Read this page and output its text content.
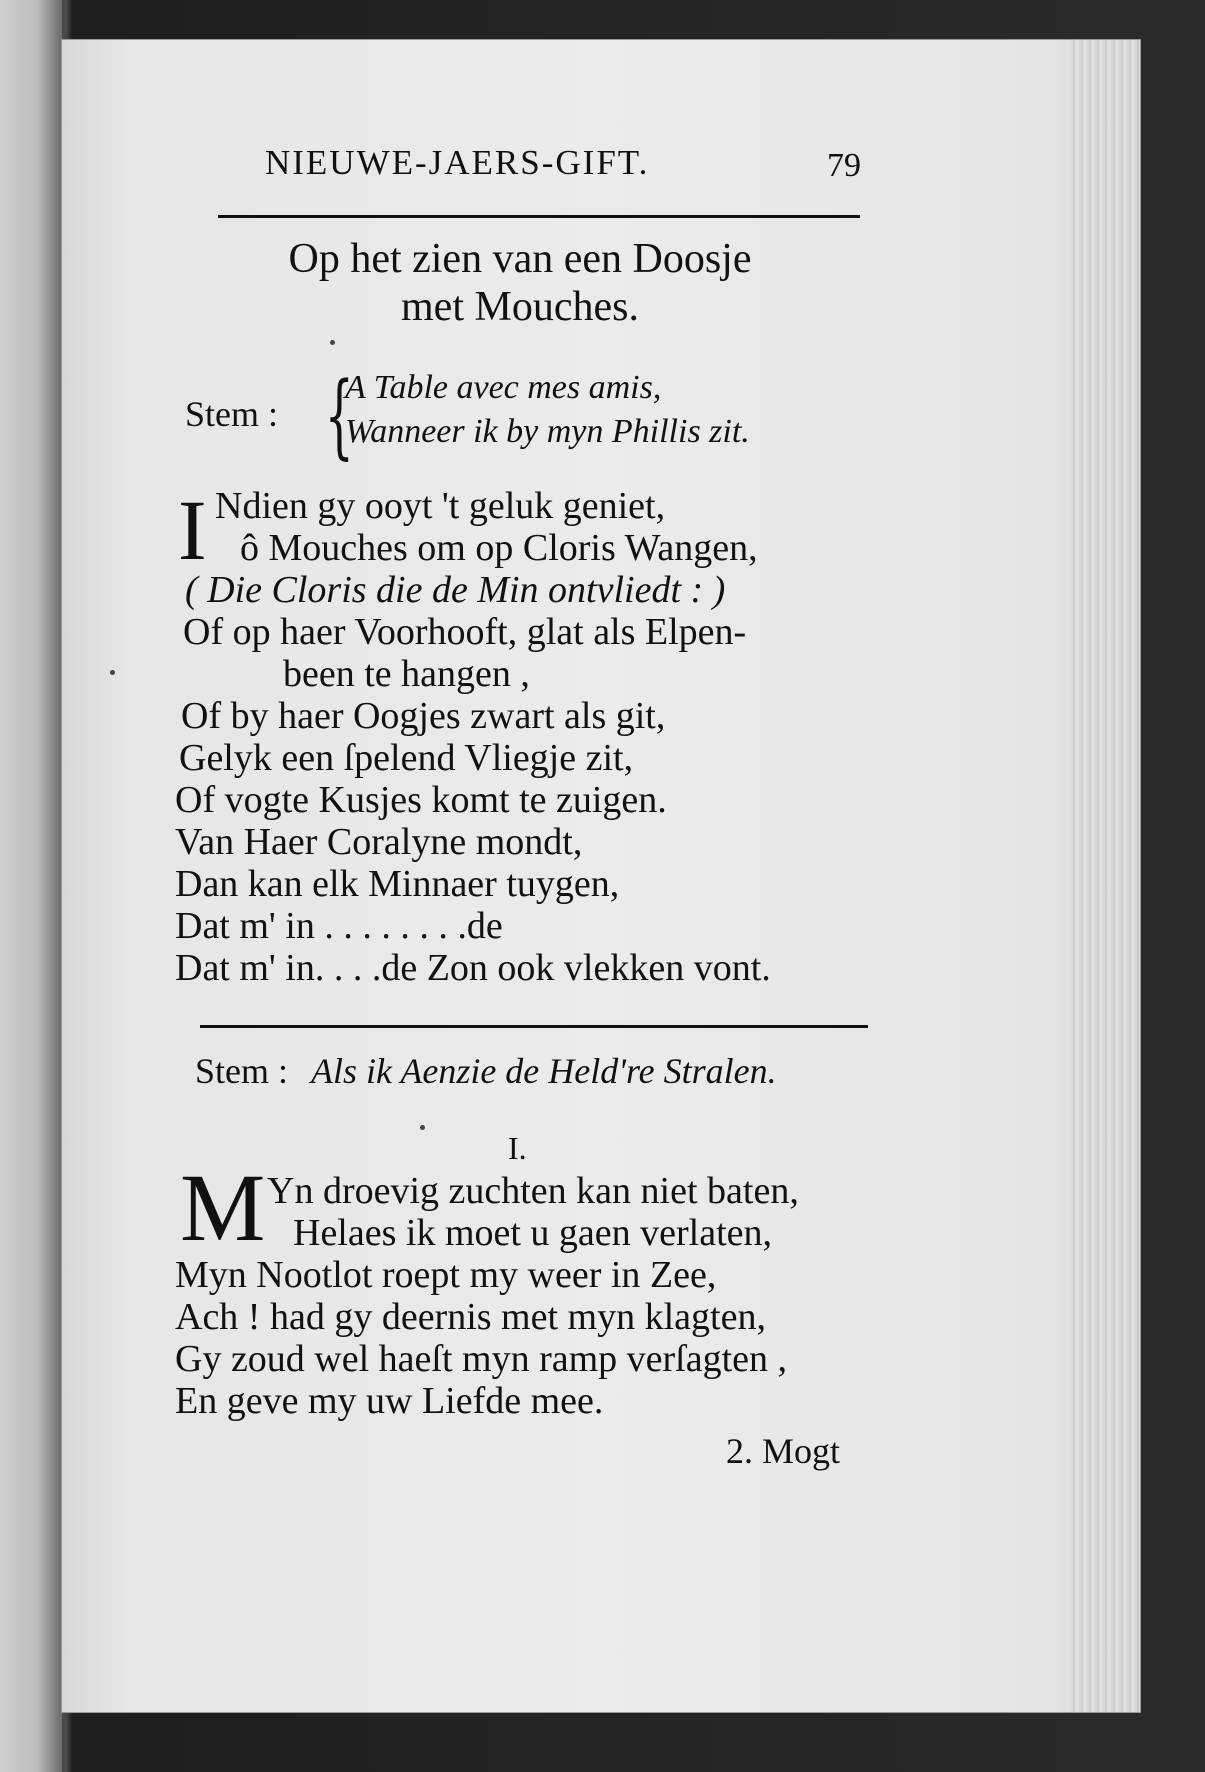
NIEUWE-JAERS-GIFT.	79
Op het zien van een Doosje
met Mouches.
Stem : {
A Table avec mes amis,
Wanneer ik by myn Phillis zit.
I Ndien gy ooyt 't geluk geniet,
ô Mouches om op Cloris Wangen,
( Die Cloris die de Min ontvliedt : )
Of op haer Voorhooft, glat als Elpen-
been te hangen ,
Of by haer Oogjes zwart als git,
Gelyk een ſpelend Vliegje zit,
Of vogte Kusjes komt te zuigen.
Van Haer Coralyne mondt,
Dan kan elk Minnaer tuygen,
Dat m' in . . . . . . . .de
Dat m' in. . . .de Zon ook vlekken vont.
Stem : Als ik Aenzie de Held're Stralen.
I.
M Yn droevig zuchten kan niet baten,
Helaes ik moet u gaen verlaten,
Myn Nootlot roept my weer in Zee,
Ach ! had gy deernis met myn klagten,
Gy zoud wel haeſt myn ramp verſagten ,
En geve my uw Liefde mee.
2. Mogt
